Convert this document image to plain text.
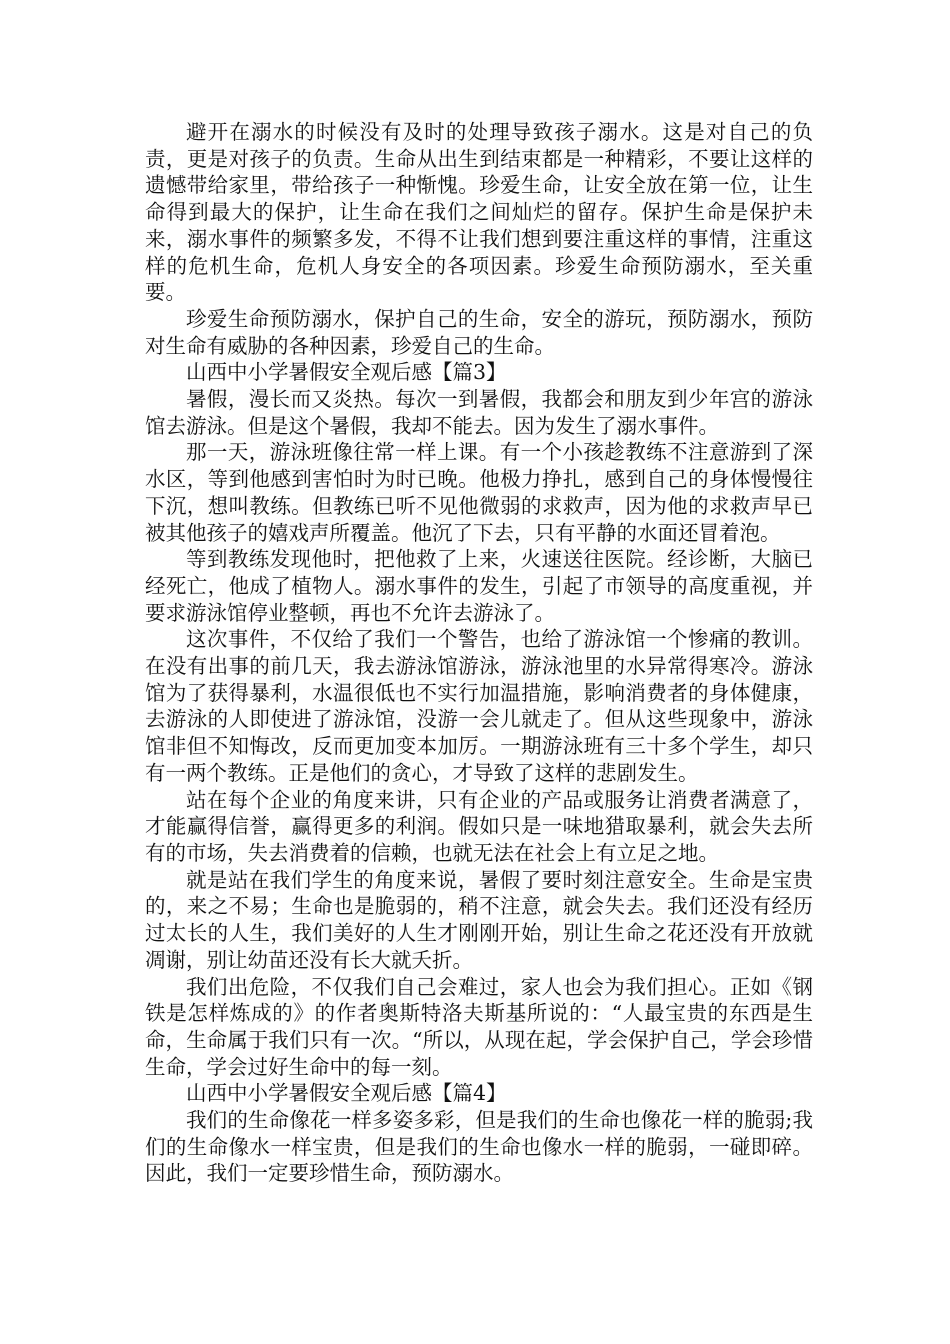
避开在溺水的时候没有及时的处理导致孩子溺水。这是对自己的负责，更是对孩子的负责。生命从出生到结束都是一种精彩，不要让这样的遗憾带给家里，带给孩子一种惭愧。珍爱生命，让安全放在第一位，让生命得到最大的保护，让生命在我们之间灿烂的留存。保护生命是保护未来，溺水事件的频繁多发，不得不让我们想到要注重这样的事情，注重这样的危机生命，危机人身安全的各项因素。珍爱生命预防溺水，至关重要。

珍爱生命预防溺水，保护自己的生命，安全的游玩，预防溺水，预防对生命有威胁的各种因素，珍爱自己的生命。

山西中小学暑假安全观后感【篇3】

暑假，漫长而又炎热。每次一到暑假，我都会和朋友到少年宫的游泳馆去游泳。但是这个暑假，我却不能去。因为发生了溺水事件。

那一天，游泳班像往常一样上课。有一个小孩趁教练不注意游到了深水区，等到他感到害怕时为时已晚。他极力挣扎，感到自己的身体慢慢往下沉，想叫教练。但教练已听不见他微弱的求救声，因为他的求救声早已被其他孩子的嬉戏声所覆盖。他沉了下去，只有平静的水面还冒着泡。

等到教练发现他时，把他救了上来，火速送往医院。经诊断，大脑已经死亡，他成了植物人。溺水事件的发生，引起了市领导的高度重视，并要求游泳馆停业整顿，再也不允许去游泳了。

这次事件，不仅给了我们一个警告，也给了游泳馆一个惨痛的教训。在没有出事的前几天，我去游泳馆游泳，游泳池里的水异常得寒冷。游泳馆为了获得暴利，水温很低也不实行加温措施，影响消费者的身体健康，去游泳的人即使进了游泳馆，没游一会儿就走了。但从这些现象中，游泳馆非但不知悔改，反而更加变本加厉。一期游泳班有三十多个学生，却只有一两个教练。正是他们的贪心，才导致了这样的悲剧发生。

站在每个企业的角度来讲，只有企业的产品或服务让消费者满意了，才能赢得信誉，赢得更多的利润。假如只是一味地猎取暴利，就会失去所有的市场，失去消费着的信赖，也就无法在社会上有立足之地。

就是站在我们学生的角度来说，暑假了要时刻注意安全。生命是宝贵的，来之不易；生命也是脆弱的，稍不注意，就会失去。我们还没有经历过太长的人生，我们美好的人生才刚刚开始，别让生命之花还没有开放就凋谢，别让幼苗还没有长大就夭折。

我们出危险，不仅我们自己会难过，家人也会为我们担心。正如《钢铁是怎样炼成的》的作者奥斯特洛夫斯基所说的：“人最宝贵的东西是生命，生命属于我们只有一次。“所以，从现在起，学会保护自己，学会珍惜生命，学会过好生命中的每一刻。

山西中小学暑假安全观后感【篇4】

我们的生命像花一样多姿多彩，但是我们的生命也像花一样的脆弱;我们的生命像水一样宝贵，但是我们的生命也像水一样的脆弱，一碰即碎。因此，我们一定要珍惜生命，预防溺水。
